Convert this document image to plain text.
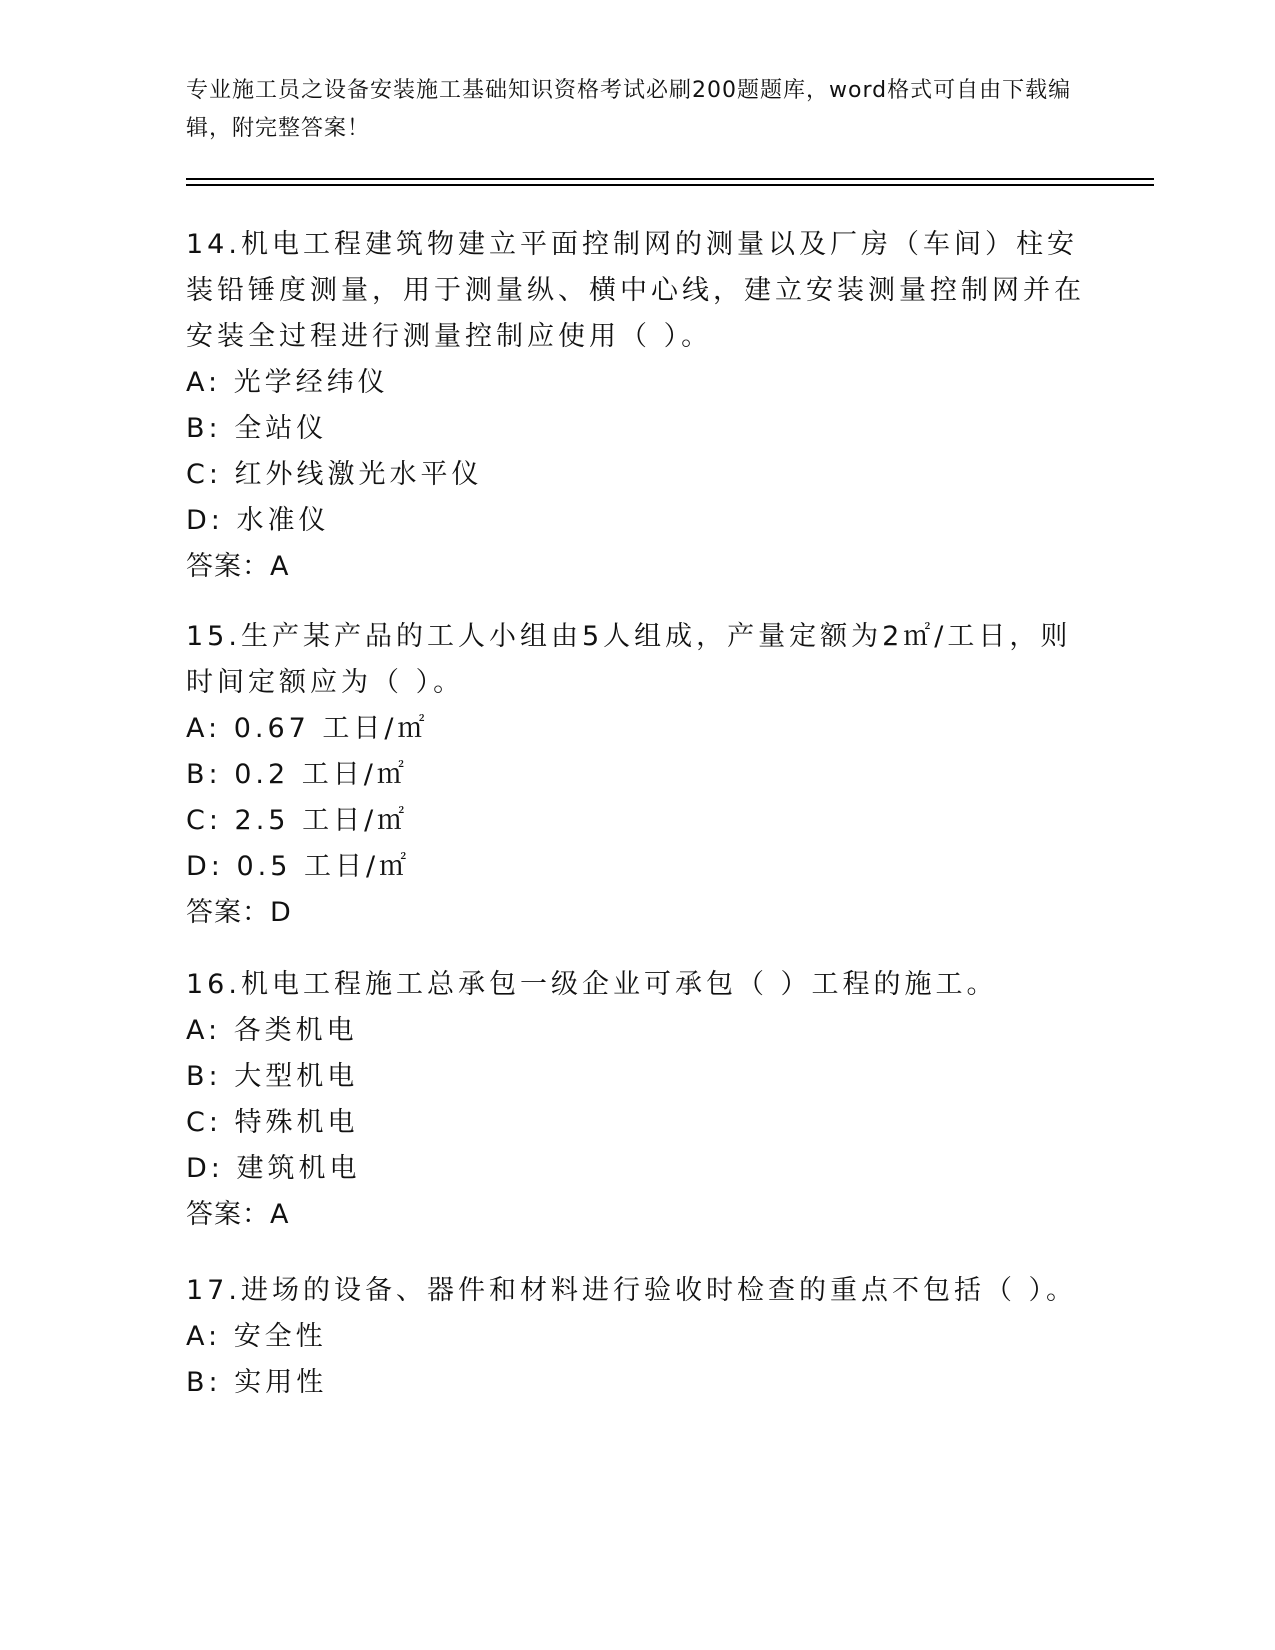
专业施工员之设备安装施工基础知识资格考试必刷200题题库，word格式可自由下载编辑，附完整答案！
14.机电工程建筑物建立平面控制网的测量以及厂房（车间）柱安装铅锤度测量，用于测量纵、横中心线，建立安装测量控制网并在安装全过程进行测量控制应使用（ ）。
A: 光学经纬仪
B: 全站仪
C: 红外线激光水平仪
D: 水准仪
答案：A
15.生产某产品的工人小组由5人组成，产量定额为2㎡/工日，则时间定额应为（ ）。
A: 0.67 工日/㎡
B: 0.2 工日/㎡
C: 2.5 工日/㎡
D: 0.5 工日/㎡
答案：D
16.机电工程施工总承包一级企业可承包（ ）工程的施工。
A: 各类机电
B: 大型机电
C: 特殊机电
D: 建筑机电
答案：A
17.进场的设备、器件和材料进行验收时检查的重点不包括（ ）。
A: 安全性
B: 实用性
